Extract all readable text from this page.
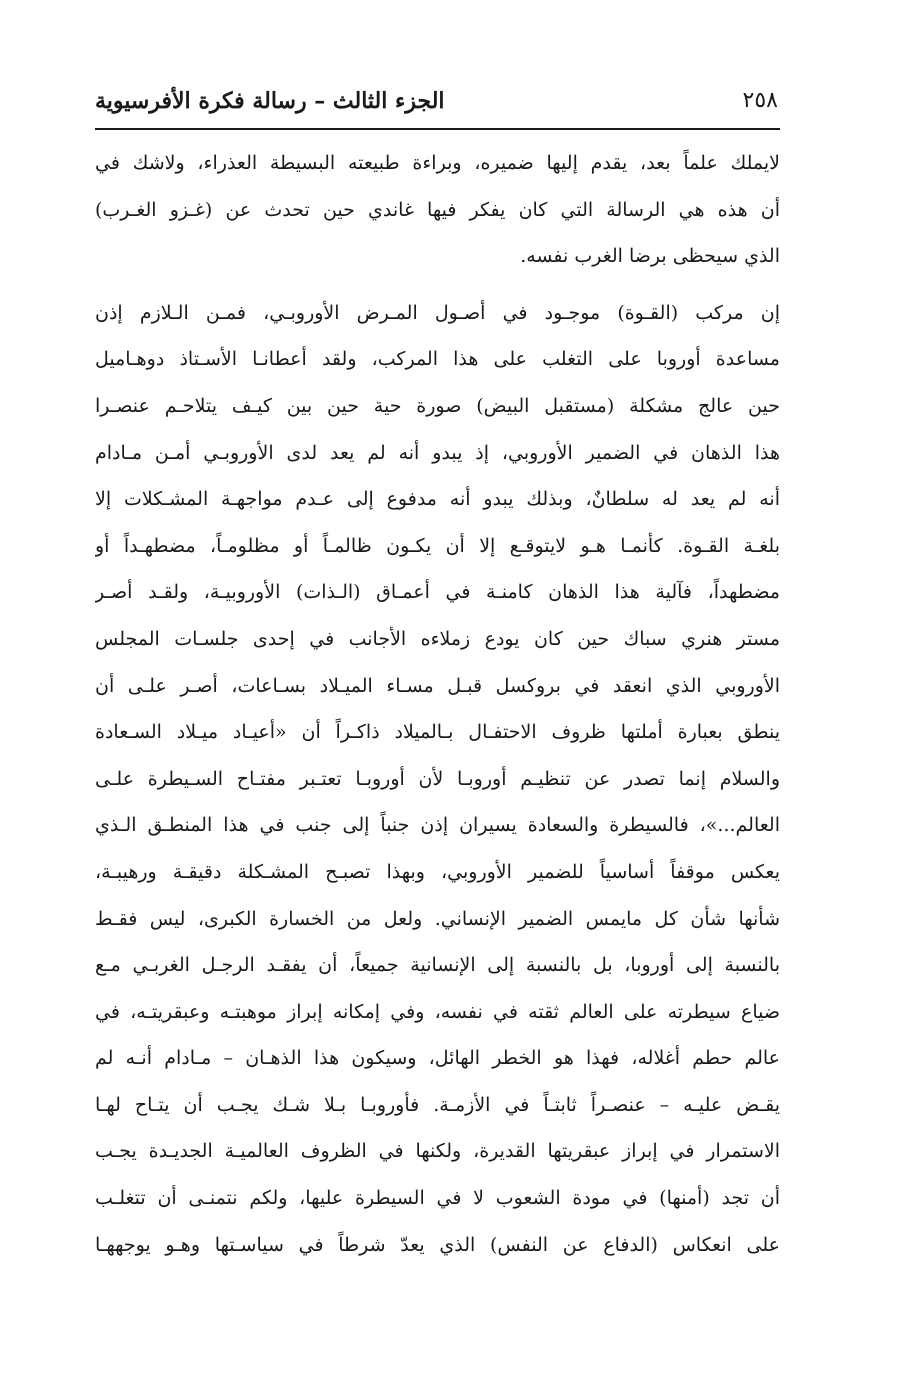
الجزء الثالث – رسالة فكرة الأفرسيوية	٢٥٨
لايملك علماً بعد، يقدم إليها ضميره، وبراءة طبيعته البسيطة العذراء، ولاشك في
أن هذه هي الرسالة التي كان يفكر فيها غاندي حين تحدث عن (غـزو الغـرب)
الذي سيحظى برضا الغرب نفسه.
إن مركب (القـوة) موجـود في أصـول المـرض الأوروبـي، فمـن الـلازم إذن
مساعدة أوروبا على التغلب على هذا المركب، ولقد أعطانـا الأسـتاذ دوهـاميل
حين عالج مشكلة (مستقبل البيض) صورة حية حين بين كيـف يتلاحـم عنصـرا
هذا الذهان في الضمير الأوروبي، إذ يبدو أنه لم يعد لدى الأوروبـي أمـن مـادام
أنه لم يعد له سلطانٌ، وبذلك يبدو أنه مدفوع إلى عـدم مواجهـة المشـكلات إلا
بلغـة القـوة. كأنمـا هـو لايتوقـع إلا أن يكـون ظالمـاً أو مظلومـاً، مضطهـداً أو
مضطهداً، فآلية هذا الذهان كامنـة في أعمـاق (الـذات) الأوروبيـة، ولقـد أصـر
مستر هنري سباك حين كان يودع زملاءه الأجانب في إحدى جلسـات المجلس
الأوروبي الذي انعقد في بروكسل قبـل مسـاء الميـلاد بسـاعات، أصـر علـى أن
ينطق بعبارة أملتها ظروف الاحتفـال بـالميلاد ذاكـراً أن «أعيـاد ميـلاد السـعادة
والسلام إنما تصدر عن تنظيـم أوروبـا لأن أوروبـا تعتـبر مفتـاح السـيطرة علـى
العالم...»، فالسيطرة والسعادة يسيران إذن جنباً إلى جنب في هذا المنطـق الـذي
يعكس موقفاً أساسياً للضمير الأوروبي، وبهذا تصبـح المشـكلة دقيقـة ورهيبـة،
شأنها شأن كل مايمس الضمير الإنساني. ولعل من الخسارة الكبرى، ليس فقـط
بالنسبة إلى أوروبا، بل بالنسبة إلى الإنسانية جميعاً، أن يفقـد الرجـل الغربـي مـع
ضياع سيطرته على العالم ثقته في نفسه، وفي إمكانه إبراز موهبتـه وعبقريتـه، في
عالم حطم أغلاله، فهذا هو الخطر الهائل، وسيكون هذا الذهـان – مـادام أنـه لم
يقـض عليـه – عنصـراً ثابتـاً في الأزمـة. فأوروبـا بـلا شـك يجـب أن يتـاح لهـا
الاستمرار في إبراز عبقريتها القديرة، ولكنها في الظروف العالميـة الجديـدة يجـب
أن تجد (أمنها) في مودة الشعوب لا في السيطرة عليها، ولكم نتمنـى أن تتغلـب
على انعكاس (الدفاع عن النفس) الذي يعدّ شرطاً في سياسـتها وهـو يوجههـا
